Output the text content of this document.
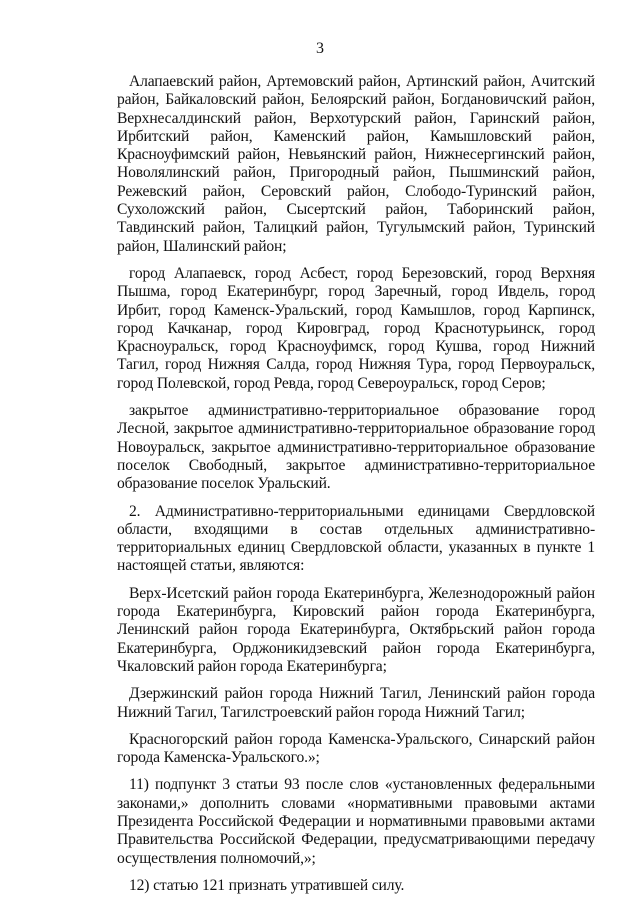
3

Алапаевский район, Артемовский район, Артинский район, Ачитский район, Байкаловский район, Белоярский район, Богдановичский район, Верхнесалдинский район, Верхотурский район, Гаринский район, Ирбитский район, Каменский район, Камышловский район, Красноуфимский район, Невьянский район, Нижнесергинский район, Новолялинский район, Пригородный район, Пышминский район, Режевский район, Серовский район, Слободо-Туринский район, Сухоложский район, Сысертский район, Таборинский район, Тавдинский район, Талицкий район, Тугулымский район, Туринский район, Шалинский район;

город Алапаевск, город Асбест, город Березовский, город Верхняя Пышма, город Екатеринбург, город Заречный, город Ивдель, город Ирбит, город Каменск-Уральский, город Камышлов, город Карпинск, город Качканар, город Кировград, город Краснотурьинск, город Красноуральск, город Красноуфимск, город Кушва, город Нижний Тагил, город Нижняя Салда, город Нижняя Тура, город Первоуральск, город Полевской, город Ревда, город Североуральск, город Серов;

закрытое административно-территориальное образование город Лесной, закрытое административно-территориальное образование город Новоуральск, закрытое административно-территориальное образование поселок Свободный, закрытое административно-территориальное образование поселок Уральский.

2. Административно-территориальными единицами Свердловской области, входящими в состав отдельных административно-территориальных единиц Свердловской области, указанных в пункте 1 настоящей статьи, являются:

Верх-Исетский район города Екатеринбурга, Железнодорожный район города Екатеринбурга, Кировский район города Екатеринбурга, Ленинский район города Екатеринбурга, Октябрьский район города Екатеринбурга, Орджоникидзевский район города Екатеринбурга, Чкаловский район города Екатеринбурга;

Дзержинский район города Нижний Тагил, Ленинский район города Нижний Тагил, Тагилстроевский район города Нижний Тагил;

Красногорский район города Каменска-Уральского, Синарский район города Каменска-Уральского.»;

11) подпункт 3 статьи 93 после слов «установленных федеральными законами,» дополнить словами «нормативными правовыми актами Президента Российской Федерации и нормативными правовыми актами Правительства Российской Федерации, предусматривающими передачу осуществления полномочий,»;

12) статью 121 признать утратившей силу.
